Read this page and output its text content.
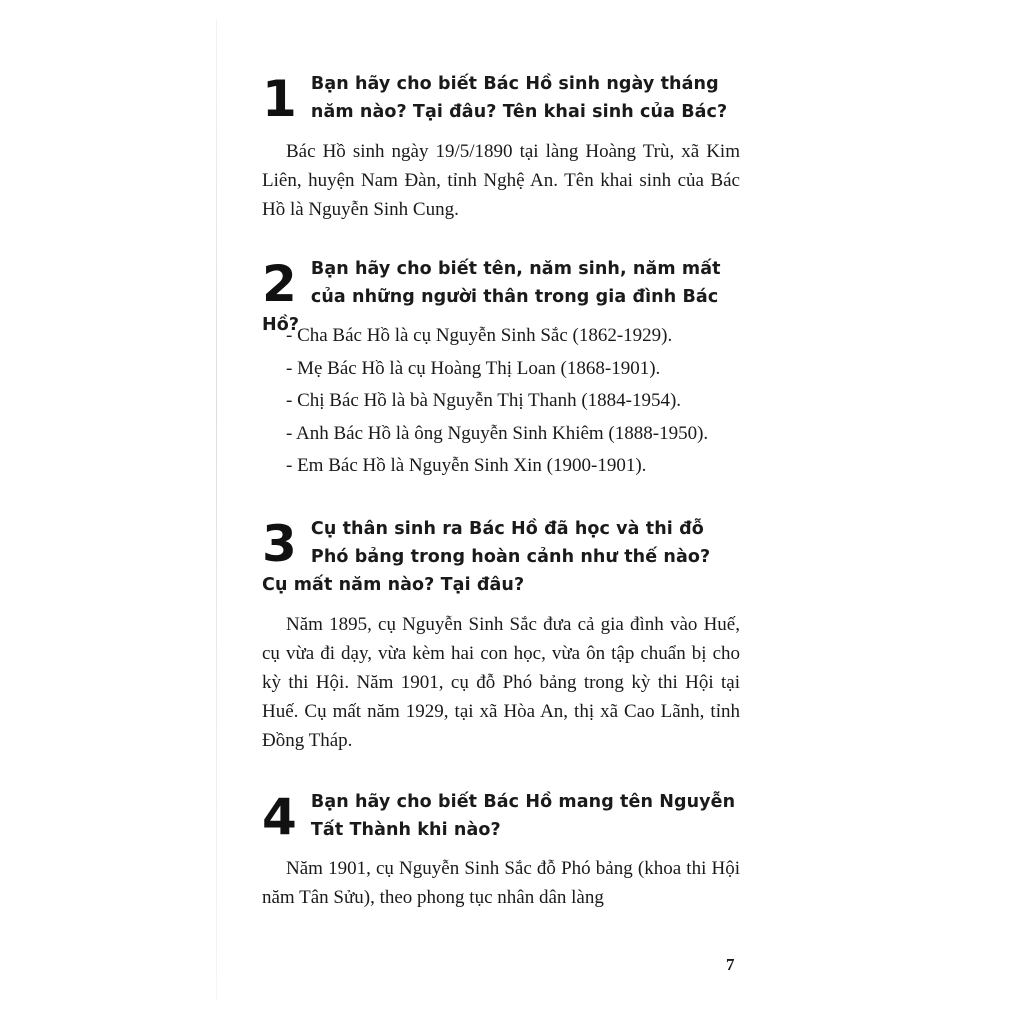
1 Bạn hãy cho biết Bác Hồ sinh ngày tháng năm nào? Tại đâu? Tên khai sinh của Bác?
Bác Hồ sinh ngày 19/5/1890 tại làng Hoàng Trù, xã Kim Liên, huyện Nam Đàn, tỉnh Nghệ An. Tên khai sinh của Bác Hồ là Nguyễn Sinh Cung.
2 Bạn hãy cho biết tên, năm sinh, năm mất của những người thân trong gia đình Bác Hồ?
- Cha Bác Hồ là cụ Nguyễn Sinh Sắc (1862-1929).
- Mẹ Bác Hồ là cụ Hoàng Thị Loan (1868-1901).
- Chị Bác Hồ là bà Nguyễn Thị Thanh (1884-1954).
- Anh Bác Hồ là ông Nguyễn Sinh Khiêm (1888-1950).
- Em Bác Hồ là Nguyễn Sinh Xin (1900-1901).
3 Cụ thân sinh ra Bác Hồ đã học và thi đỗ Phó bảng trong hoàn cảnh như thế nào? Cụ mất năm nào? Tại đâu?
Năm 1895, cụ Nguyễn Sinh Sắc đưa cả gia đình vào Huế, cụ vừa đi dạy, vừa kèm hai con học, vừa ôn tập chuẩn bị cho kỳ thi Hội. Năm 1901, cụ đỗ Phó bảng trong kỳ thi Hội tại Huế. Cụ mất năm 1929, tại xã Hòa An, thị xã Cao Lãnh, tỉnh Đồng Tháp.
4 Bạn hãy cho biết Bác Hồ mang tên Nguyễn Tất Thành khi nào?
Năm 1901, cụ Nguyễn Sinh Sắc đỗ Phó bảng (khoa thi Hội năm Tân Sửu), theo phong tục nhân dân làng
7
